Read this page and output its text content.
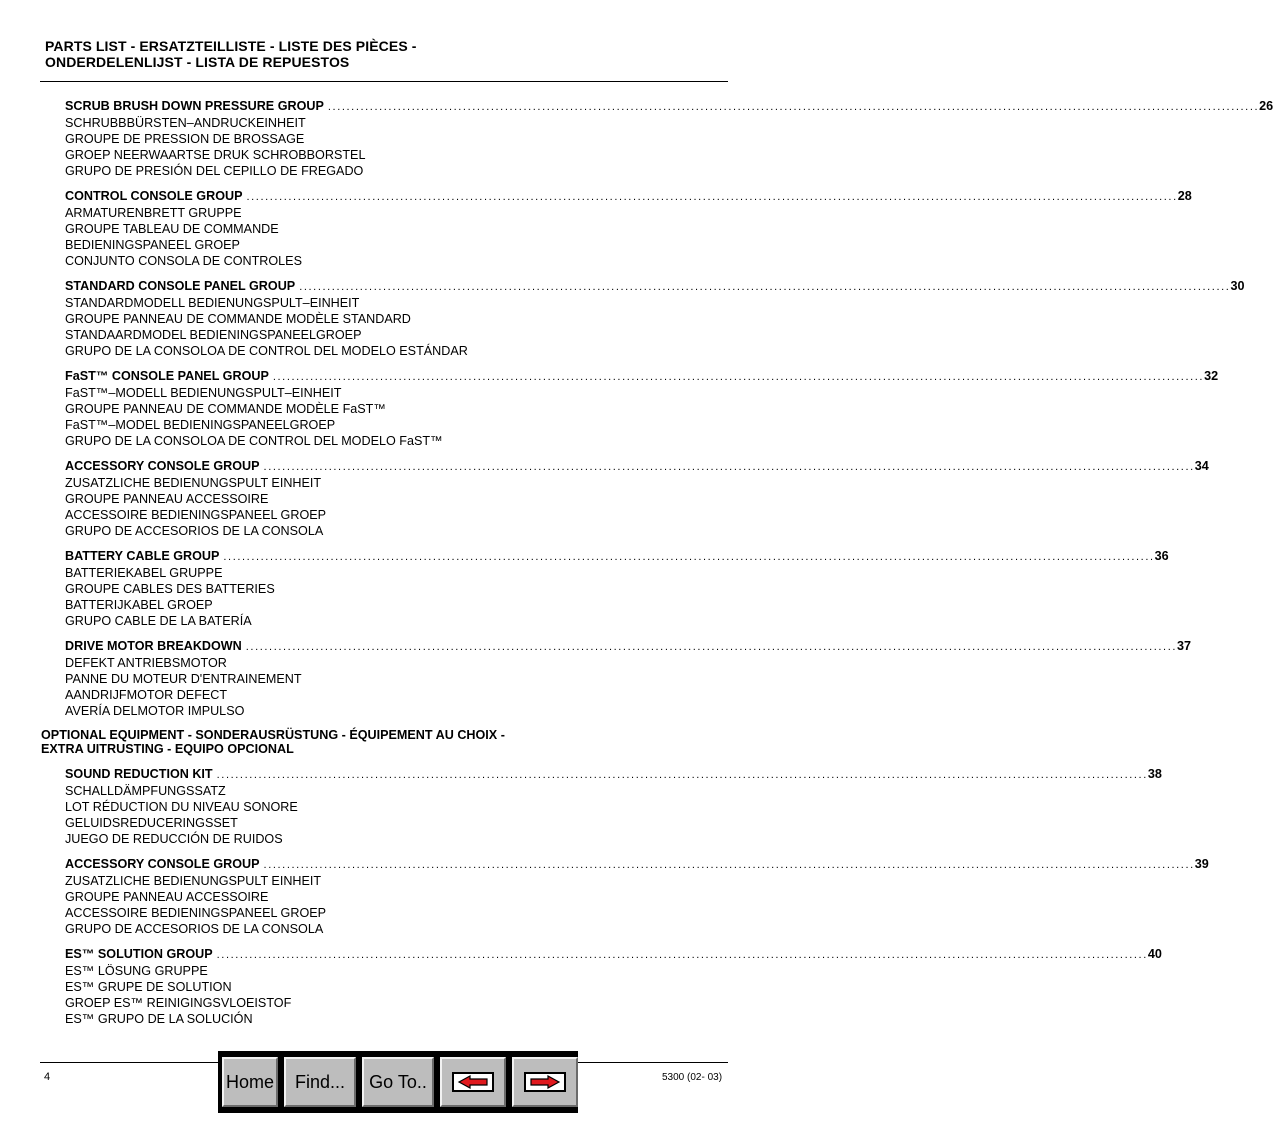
PARTS LIST - ERSATZTEILLISTE - LISTE DES PIÈCES -
ONDERDELENLIJST - LISTA DE REPUESTOS
SCRUB BRUSH DOWN PRESSURE GROUP ........................................................................................................................................................................................................ 26
SCHRUBBBÜRSTEN–ANDRUCKEINHEIT
GROUPE DE PRESSION DE BROSSAGE
GROEP NEERWAARTSE DRUK SCHROBBORSTEL
GRUPO DE PRESIÓN DEL CEPILLO DE FREGADO
CONTROL CONSOLE GROUP ........................................................................................................................................................................................................ 28
ARMATURENBRETT GRUPPE
GROUPE TABLEAU DE COMMANDE
BEDIENINGSPANEEL GROEP
CONJUNTO CONSOLA DE CONTROLES
STANDARD CONSOLE PANEL GROUP ........................................................................................................................................................................................................ 30
STANDARDMODELL BEDIENUNGSPULT–EINHEIT
GROUPE PANNEAU DE COMMANDE MODÈLE STANDARD
STANDAARDMODEL BEDIENINGSPANEELGROEP
GRUPO DE LA CONSOLOA DE CONTROL DEL MODELO ESTÁNDAR
FaST™ CONSOLE PANEL GROUP ........................................................................................................................................................................................................ 32
FaST™–MODELL BEDIENUNGSPULT–EINHEIT
GROUPE PANNEAU DE COMMANDE MODÈLE FaST™
FaST™–MODEL BEDIENINGSPANEELGROEP
GRUPO DE LA CONSOLOA DE CONTROL DEL MODELO FaST™
ACCESSORY CONSOLE GROUP ........................................................................................................................................................................................................ 34
ZUSATZLICHE BEDIENUNGSPULT EINHEIT
GROUPE PANNEAU ACCESSOIRE
ACCESSOIRE BEDIENINGSPANEEL GROEP
GRUPO DE ACCESORIOS DE LA CONSOLA
BATTERY CABLE GROUP ........................................................................................................................................................................................................ 36
BATTERIEKABEL GRUPPE
GROUPE CABLES DES BATTERIES
BATTERIJKABEL GROEP
GRUPO CABLE DE LA BATERÍA
DRIVE MOTOR BREAKDOWN ........................................................................................................................................................................................................ 37
DEFEKT ANTRIEBSMOTOR
PANNE DU MOTEUR D'ENTRAINEMENT
AANDRIJFMOTOR DEFECT
AVERÍA DELMOTOR IMPULSO
OPTIONAL EQUIPMENT - SONDERAUSRÜSTUNG - ÉQUIPEMENT AU CHOIX -
EXTRA UITRUSTING - EQUIPO OPCIONAL
SOUND REDUCTION KIT ........................................................................................................................................................................................................ 38
SCHALLDÄMPFUNGSSATZ
LOT RÉDUCTION DU NIVEAU SONORE
GELUIDSREDUCERINGSSET
JUEGO DE REDUCCIÓN DE RUIDOS
ACCESSORY CONSOLE GROUP ........................................................................................................................................................................................................ 39
ZUSATZLICHE BEDIENUNGSPULT EINHEIT
GROUPE PANNEAU ACCESSOIRE
ACCESSOIRE BEDIENINGSPANEEL GROEP
GRUPO DE ACCESORIOS DE LA CONSOLA
ES™ SOLUTION GROUP ........................................................................................................................................................................................................ 40
ES™ LÖSUNG GRUPPE
ES™ GRUPE DE SOLUTION
GROEP ES™ REINIGINGSVLOEISTOF
ES™ GRUPO DE LA SOLUCIÓN
4	5300 (02- 03)
Home	Find...	Go To..
